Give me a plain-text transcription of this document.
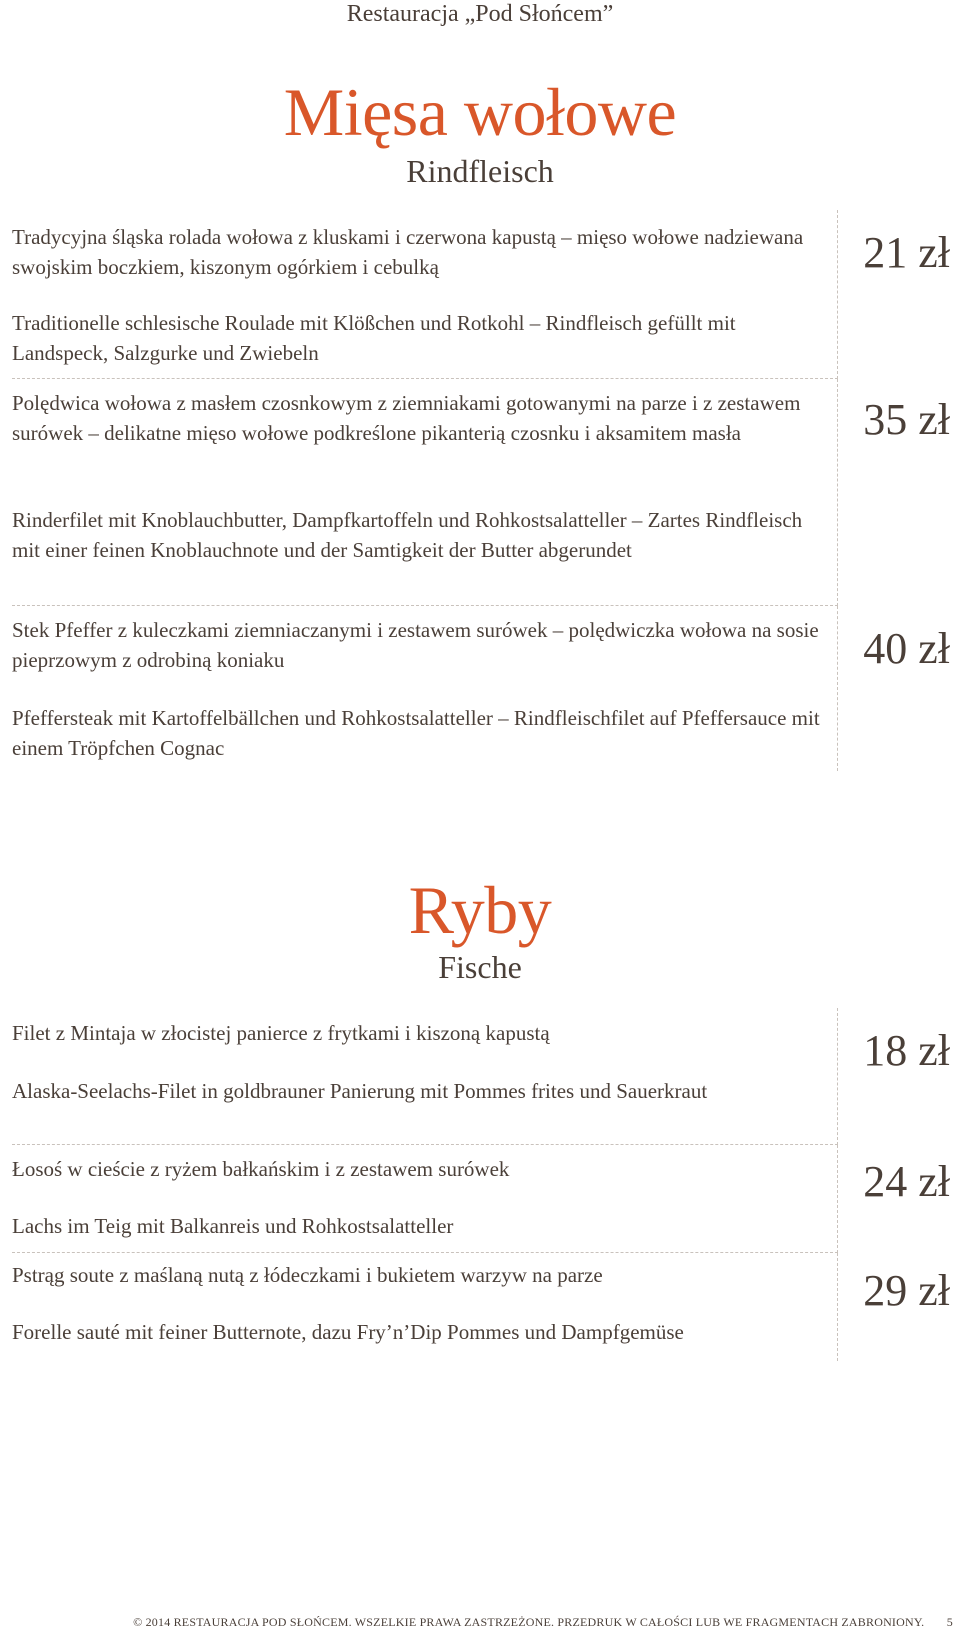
Restauracja „Pod Słońcem”
Mięsa wołowe
Rindfleisch
Tradycyjna śląska rolada wołowa z kluskami i czerwona kapustą – mięso wołowe nadziewana swojskim boczkiem, kiszonym ogórkiem i cebulką
Traditionelle schlesische Roulade mit Klößchen und Rotkohl – Rindfleisch gefüllt mit Landspeck, Salzgurke und Zwiebeln
21 zł
Polędwica wołowa z masłem czosnkowym z ziemniakami gotowanymi na parze i z zestawem surówek – delikatne mięso wołowe podkreślone pikanterią czosnku i aksamitem masła
Rinderfilet mit Knoblauchbutter, Dampfkartoffeln und Rohkostsalatteller – Zartes Rindfleisch mit einer feinen Knoblauchnote und der Samtigkeit der Butter abgerundet
35 zł
Stek Pfeffer z kuleczkami ziemniaczanymi i zestawem surówek – polędwiczka wołowa na sosie pieprzowym z odrobiną koniaku
Pfeffersteak mit Kartoffelbällchen und Rohkostsalatteller – Rindfleischfilet auf Pfeffersauce mit einem Tröpfchen Cognac
40 zł
Ryby
Fische
Filet z Mintaja w złocistej panierce z frytkami i kiszoną kapustą
Alaska-Seelachs-Filet in goldbrauner Panierung mit Pommes frites und Sauerkraut
18 zł
Łosoś w cieście z ryżem bałkańskim i z zestawem surówek
Lachs im Teig mit Balkanreis und Rohkostsalatteller
24 zł
Pstrąg soute z maślaną nutą z łódeczkami i bukietem warzyw na parze
Forelle sauté mit feiner Butternote, dazu Fry’n’Dip Pommes und Dampfgemüse
29 zł
© 2014 RESTAURACJA POD SŁOŃCEM. WSZELKIE PRAWA ZASTRZEŻONE. PRZEDRUK W CAŁOŚCI LUB WE FRAGMENTACH ZABRONIONY. 5
